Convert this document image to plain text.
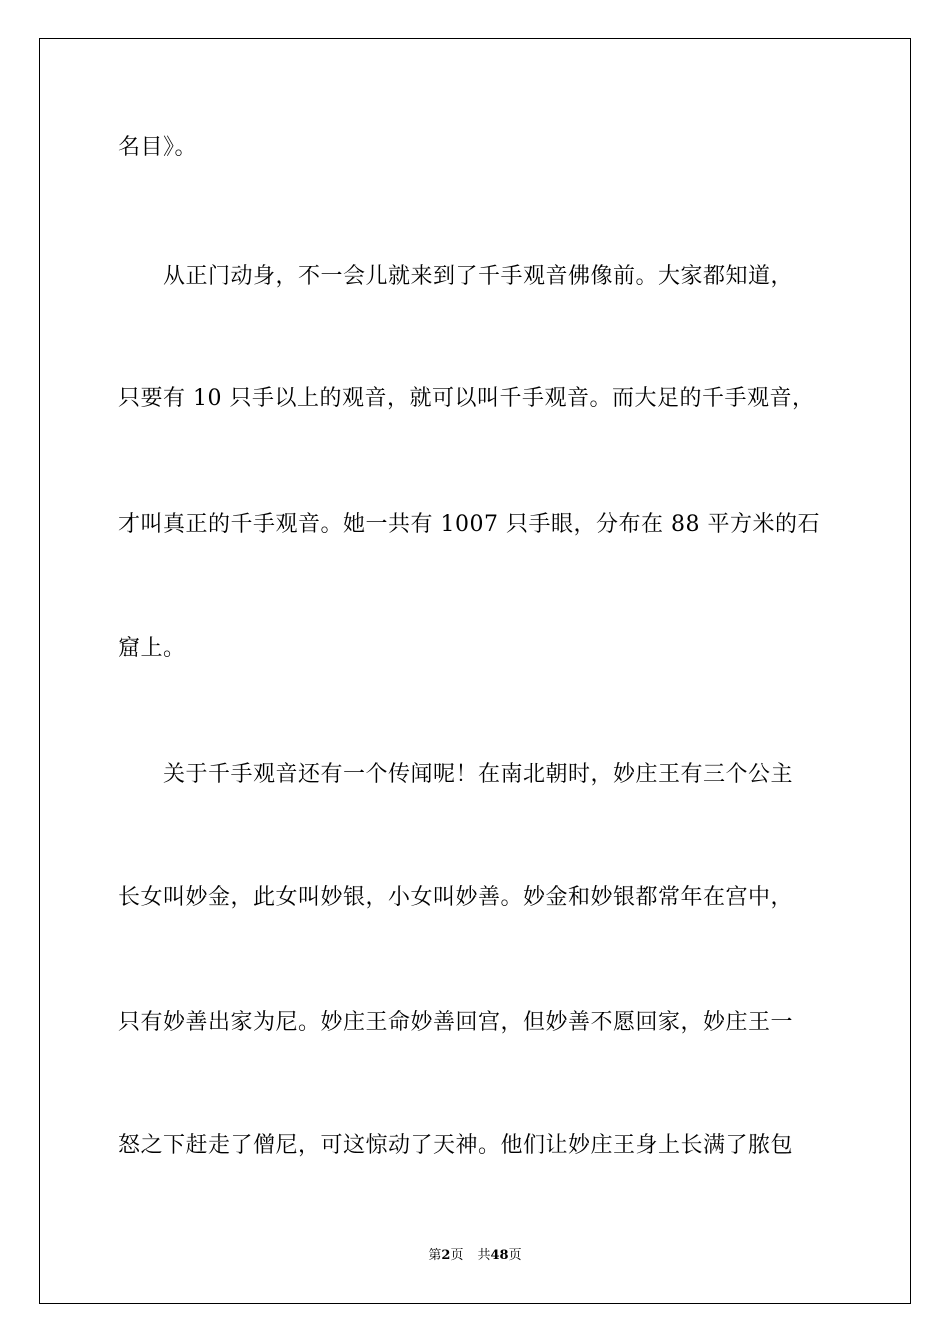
名目》。
从正门动身，不一会儿就来到了千手观音佛像前。大家都知道，
只要有 10 只手以上的观音，就可以叫千手观音。而大足的千手观音，
才叫真正的千手观音。她一共有 1007 只手眼，分布在 88 平方米的石
窟上。
关于千手观音还有一个传闻呢！在南北朝时，妙庄王有三个公主
长女叫妙金，此女叫妙银，小女叫妙善。妙金和妙银都常年在宫中，
只有妙善出家为尼。妙庄王命妙善回宫，但妙善不愿回家，妙庄王一
怒之下赶走了僧尼，可这惊动了天神。他们让妙庄王身上长满了脓包
第2页 共48页
